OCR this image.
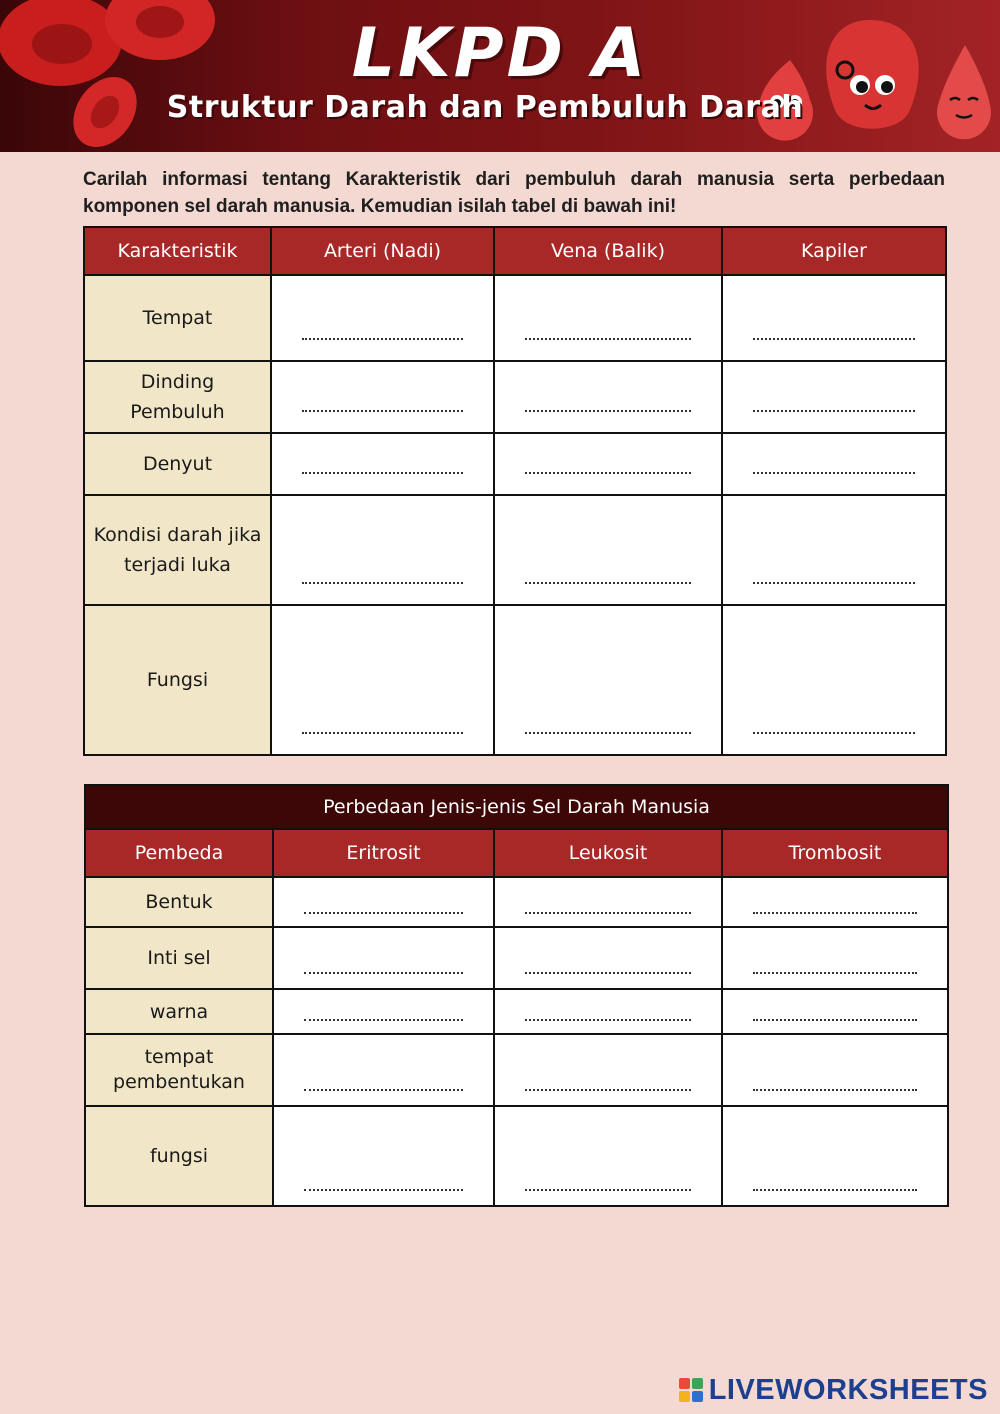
LKPD A
Struktur Darah dan Pembuluh Darah

Carilah informasi tentang Karakteristik dari pembuluh darah manusia serta perbedaan komponen sel darah manusia. Kemudian isilah tabel di bawah ini!

Karakteristik	Arteri (Nadi)	Vena (Balik)	Kapiler
Tempat	

Dinding Pembuluh	

Denyut	

Kondisi darah jika terjadi luka	

Fungsi	

Perbedaan Jenis-jenis Sel Darah Manusia			
Pembeda	Eritrosit	Leukosit	Trombosit
Bentuk	

Inti sel	

warna	

tempat pembentukan	

fungsi	

LIVEWORKSHEETS
